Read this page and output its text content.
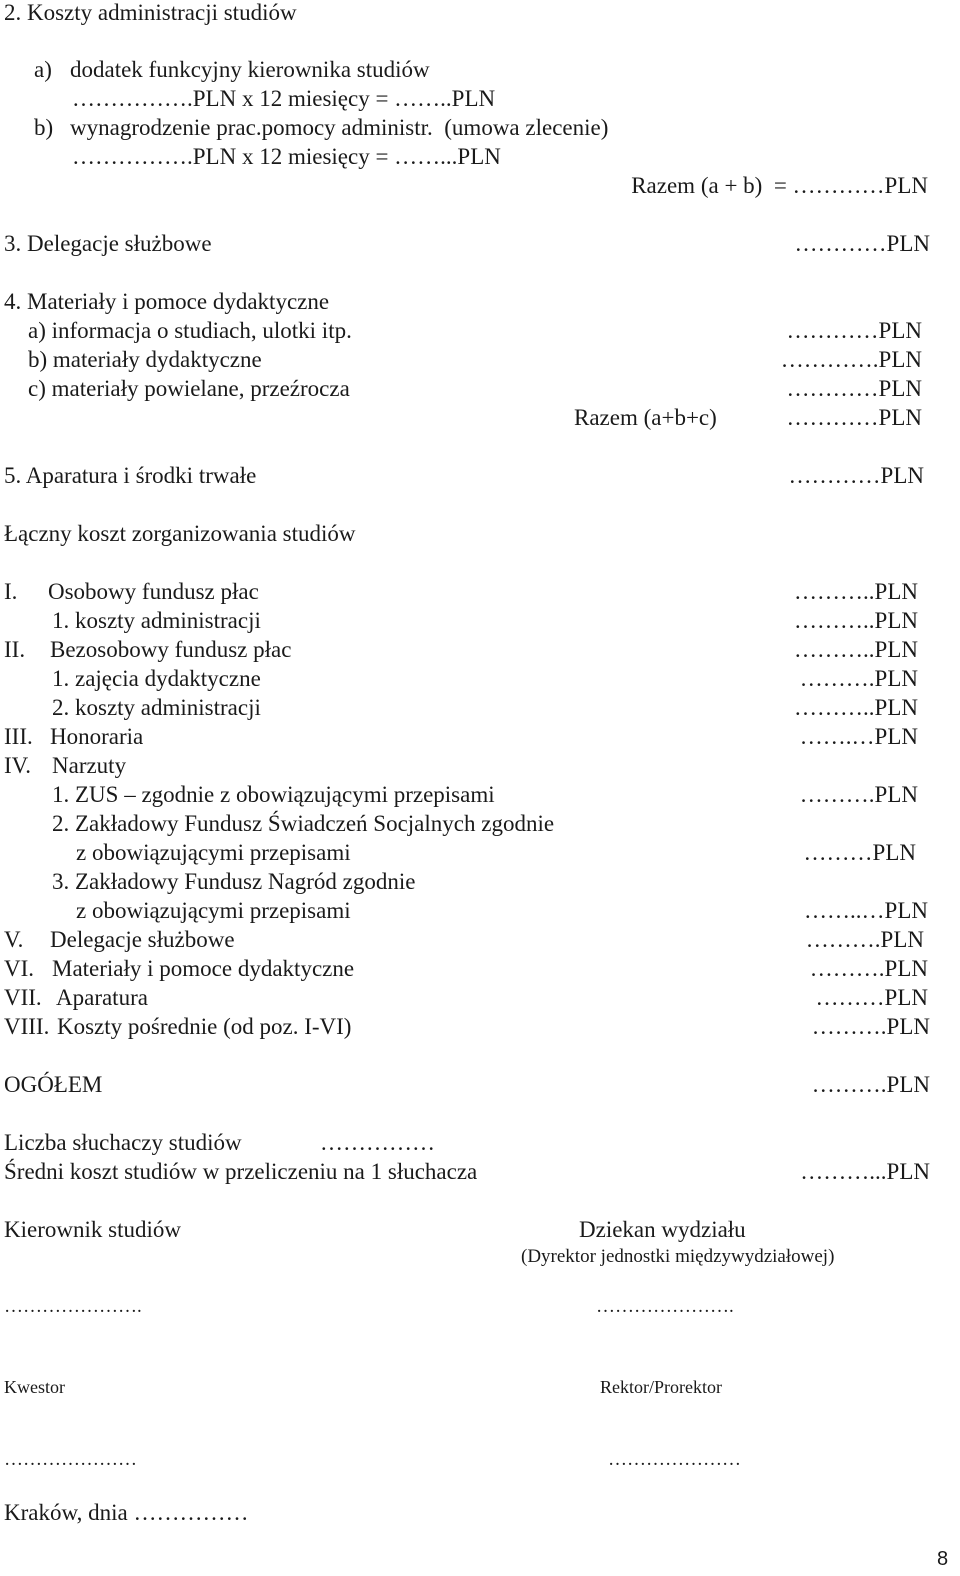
2. Koszty administracji studiów
a) dodatek funkcyjny kierownika studiów
…………….PLN x 12 miesięcy = ……..PLN
b) wynagrodzenie prac.pomocy administr.  (umowa zlecenie)
…………….PLN x 12 miesięcy = ……...PLN
Razem (a + b)  = …………PLN
3. Delegacje służbowe	…………PLN
4. Materiały i pomoce dydaktyczne
a) informacja o studiach, ulotki itp.	…………PLN
b) materiały dydaktyczne	………….PLN
c) materiały powielane, przeźrocza	…………PLN
Razem (a+b+c)	…………PLN
5. Aparatura i środki trwałe	…………PLN
Łączny koszt zorganizowania studiów
I. Osobowy fundusz płac	………..PLN
1. koszty administracji	………..PLN
II. Bezosobowy fundusz płac	………..PLN
1. zajęcia dydaktyczne	……….PLN
2. koszty administracji	………..PLN
III. Honoraria	…….…PLN
IV. Narzuty
1. ZUS – zgodnie z obowiązującymi przepisami	……….PLN
2. Zakładowy Fundusz Świadczeń Socjalnych zgodnie
z obowiązującymi przepisami	………PLN
3. Zakładowy Fundusz Nagród zgodnie
z obowiązującymi przepisami	……..…PLN
V. Delegacje służbowe	……….PLN
VI. Materiały i pomoce dydaktyczne	……….PLN
VII. Aparatura	………PLN
VIII. Koszty pośrednie (od poz. I-VI)	……….PLN
OGÓŁEM	……….PLN
Liczba słuchaczy studiów	……………
Średni koszt studiów w przeliczeniu na 1 słuchacza	………...PLN
Kierownik studiów	Dziekan wydziału
(Dyrektor jednostki międzywydziałowej)
………………….	………………….
Kwestor	Rektor/Prorektor
…………………	…………………
Kraków, dnia ……………
8
